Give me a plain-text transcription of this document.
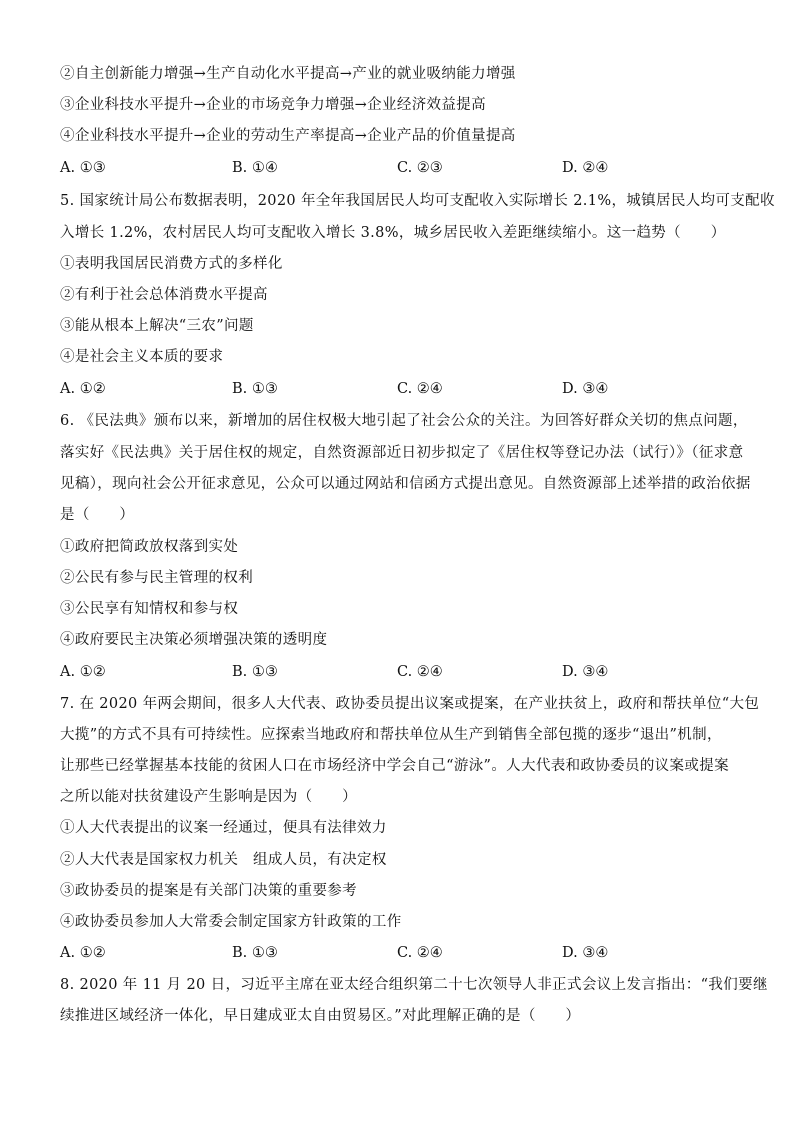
②自主创新能力增强→生产自动化水平提高→产业的就业吸纳能力增强
③企业科技水平提升→企业的市场竞争力增强→企业经济效益提高
④企业科技水平提升→企业的劳动生产率提高→企业产品的价值量提高
A. ①③	B. ①④	C. ②③	D. ②④
5. 国家统计局公布数据表明，2020 年全年我国居民人均可支配收入实际增长 2.1%，城镇居民人均可支配收
入增长 1.2%，农村居民人均可支配收入增长 3.8%，城乡居民收入差距继续缩小。这一趋势（　　）
①表明我国居民消费方式的多样化
②有利于社会总体消费水平提高
③能从根本上解决“三农”问题
④是社会主义本质的要求
A. ①②	B. ①③	C. ②④	D. ③④
6. 《民法典》颁布以来，新增加的居住权极大地引起了社会公众的关注。为回答好群众关切的焦点问题，
落实好《民法典》关于居住权的规定，自然资源部近日初步拟定了《居住权等登记办法（试行）》（征求意
见稿），现向社会公开征求意见，公众可以通过网站和信函方式提出意见。自然资源部上述举措的政治依据
是（　　）
①政府把简政放权落到实处
②公民有参与民主管理的权利
③公民享有知情权和参与权
④政府要民主决策必须增强决策的透明度
A. ①②	B. ①③	C. ②④	D. ③④
7. 在 2020 年两会期间，很多人大代表、政协委员提出议案或提案，在产业扶贫上，政府和帮扶单位“大包
大揽”的方式不具有可持续性。应探索当地政府和帮扶单位从生产到销售全部包揽的逐步“退出”机制，
让那些已经掌握基本技能的贫困人口在市场经济中学会自己“游泳”。人大代表和政协委员的议案或提案
之所以能对扶贫建设产生影响是因为（　　）
①人大代表提出的议案一经通过，便具有法律效力
②人大代表是国家权力机关　组成人员，有决定权
③政协委员的提案是有关部门决策的重要参考
④政协委员参加人大常委会制定国家方针政策的工作
A. ①②	B. ①③	C. ②④	D. ③④
8. 2020 年 11 月 20 日，习近平主席在亚太经合组织第二十七次领导人非正式会议上发言指出：“我们要继
续推进区域经济一体化，早日建成亚太自由贸易区。”对此理解正确的是（　　）
